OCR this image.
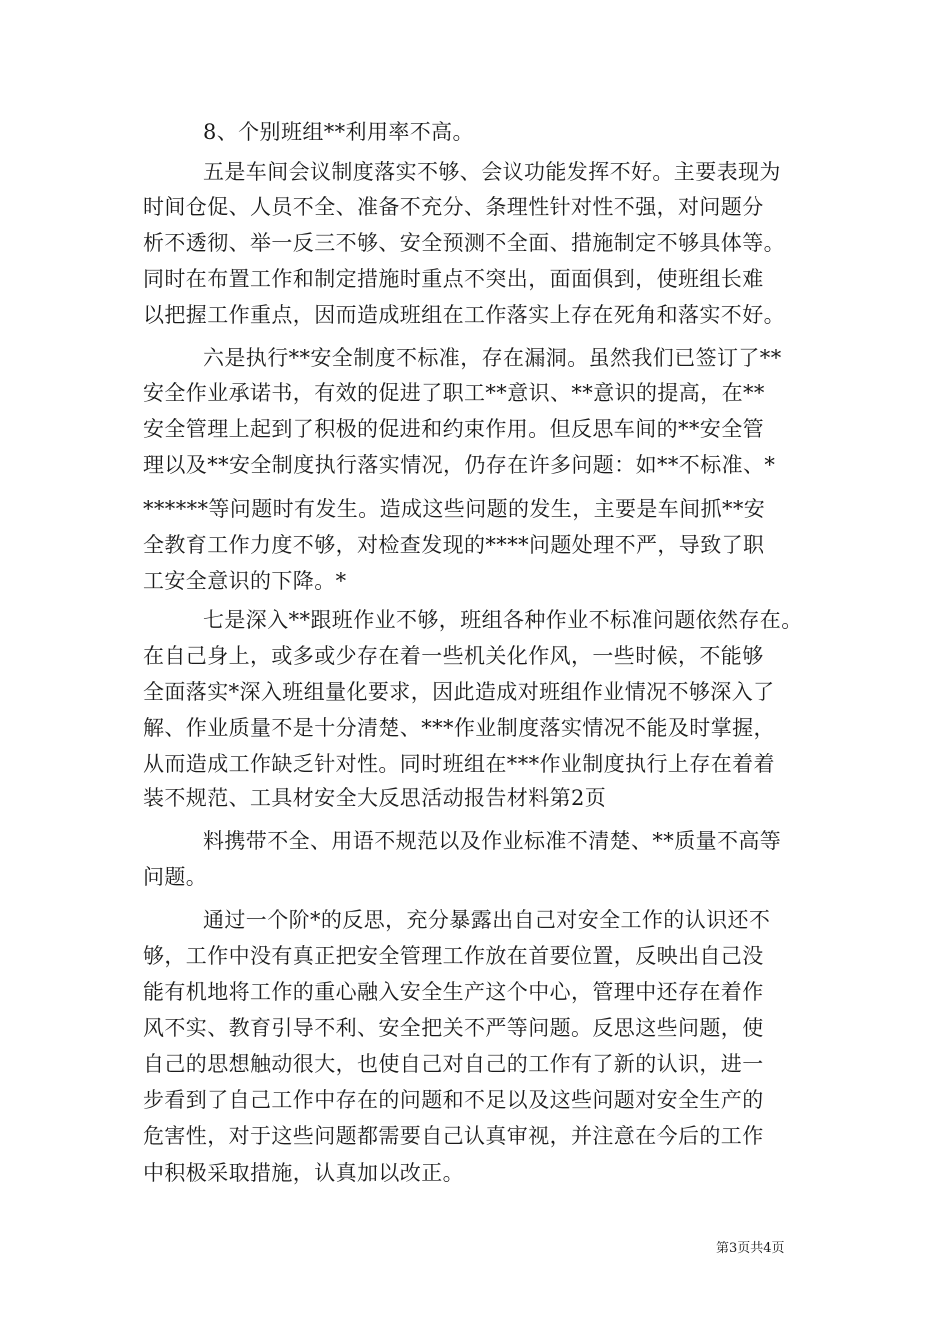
8、个别班组**利用率不高。
五是车间会议制度落实不够、会议功能发挥不好。主要表现为
时间仓促、人员不全、准备不充分、条理性针对性不强，对问题分
析不透彻、举一反三不够、安全预测不全面、措施制定不够具体等。
同时在布置工作和制定措施时重点不突出，面面俱到，使班组长难
以把握工作重点，因而造成班组在工作落实上存在死角和落实不好。
六是执行**安全制度不标准，存在漏洞。虽然我们已签订了**
安全作业承诺书，有效的促进了职工**意识、**意识的提高，在**
安全管理上起到了积极的促进和约束作用。但反思车间的**安全管
理以及**安全制度执行落实情况，仍存在许多问题：如**不标准、*
******等问题时有发生。造成这些问题的发生，主要是车间抓**安
全教育工作力度不够，对检查发现的****问题处理不严，导致了职
工安全意识的下降。*
七是深入**跟班作业不够，班组各种作业不标准问题依然存在。
在自己身上，或多或少存在着一些机关化作风，一些时候，不能够
全面落实*深入班组量化要求，因此造成对班组作业情况不够深入了
解、作业质量不是十分清楚、***作业制度落实情况不能及时掌握，
从而造成工作缺乏针对性。同时班组在***作业制度执行上存在着着
装不规范、工具材安全大反思活动报告材料第2页
料携带不全、用语不规范以及作业标准不清楚、**质量不高等
问题。
通过一个阶*的反思，充分暴露出自己对安全工作的认识还不
够，工作中没有真正把安全管理工作放在首要位置，反映出自己没
能有机地将工作的重心融入安全生产这个中心，管理中还存在着作
风不实、教育引导不利、安全把关不严等问题。反思这些问题，使
自己的思想触动很大，也使自己对自己的工作有了新的认识，进一
步看到了自己工作中存在的问题和不足以及这些问题对安全生产的
危害性，对于这些问题都需要自己认真审视，并注意在今后的工作
中积极采取措施，认真加以改正。
第3页共4页
